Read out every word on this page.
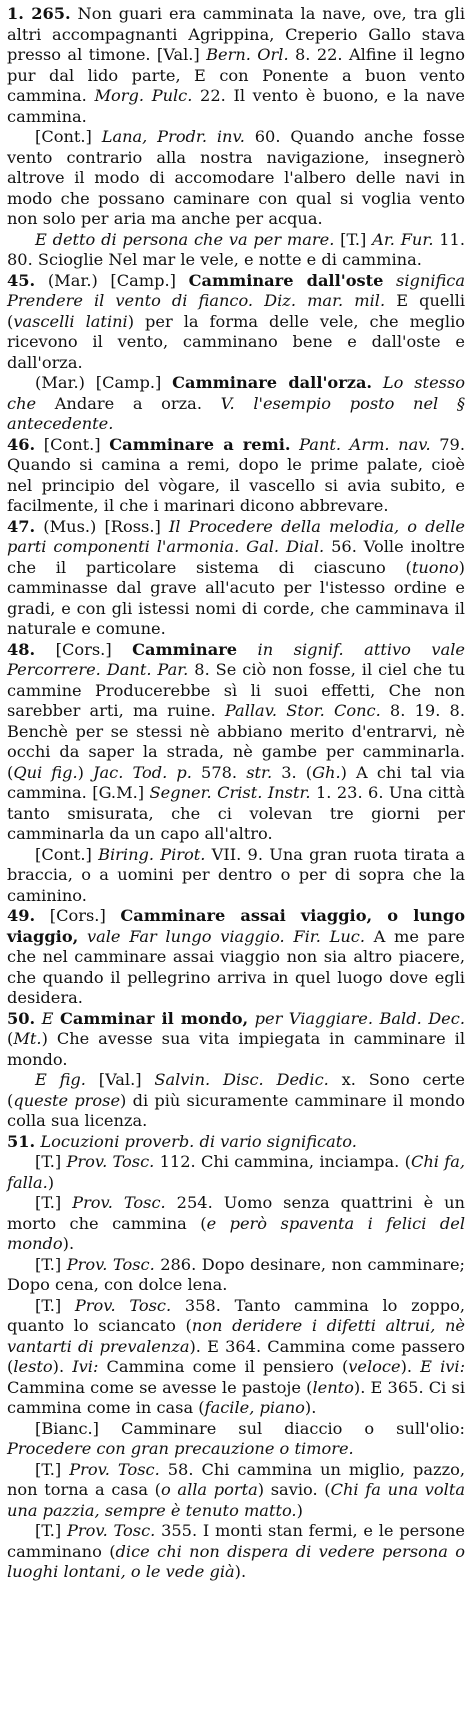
1. 265. Non guari era camminata la nave, ove, tra gli altri accompagnanti Agrippina, Creperio Gallo stava presso al timone. [Val.] Bern. Orl. 8. 22. Alfine il legno pur dal lido parte, E con Ponente a buon vento cammina. Morg. Pulc. 22. Il vento è buono, e la nave cammina.

[Cont.] Lana, Prodr. inv. 60. Quando anche fosse vento contrario alla nostra navigazione, insegnerò altrove il modo di accomodare l'albero delle navi in modo che possano caminare con qual si voglia vento non solo per aria ma anche per acqua.

E detto di persona che va per mare. [T.] Ar. Fur. 11. 80. Sciogliе Nel mar le vele, e notte e di cammina.

45. (Mar.) [Camp.] Camminare dall'oste significa Prendere il vento di fianco. Diz. mar. mil. E quelli (vascelli latini) per la forma delle vele, che meglio ricevono il vento, camminano bene e dall'oste e dall'orza.

(Mar.) [Camp.] Camminare dall'orza. Lo stesso che Andare a orza. V. l'esempio posto nel § antecedente.

46. [Cont.] Camminare a remi. Pant. Arm. nav. 79. Quando si camina a remi, dopo le prime palate, cioè nel principio del vògare, il vascello si avia subito, e facilmente, il che i marinari dicono abbrevare.

47. (Mus.) [Ross.] Il Procedere della melodia, o delle parti componenti l'armonia. Gal. Dial. 56. Volle inoltre che il particolare sistema di ciascuno (tuono) camminasse dal grave all'acuto per l'istesso ordine e gradi, e con gli istessi nomi di corde, che camminava il naturale e comune.

48. [Cors.] Camminare in signif. attivo vale Percorrere. Dant. Par. 8. Se ciò non fosse, il ciel che tu cammine Producerebbe sì li suoi effetti, Che non sarebber arti, ma ruine. Pallav. Stor. Conc. 8. 19. 8. Benchè per se stessi nè abbiano merito d'entrarvi, nè occhi da saper la strada, nè gambe per camminarla. (Qui fig.) Jac. Tod. p. 578. str. 3. (Gh.) A chi tal via cammina. [G.M.] Segner. Crist. Instr. 1. 23. 6. Una città tanto smisurata, che ci volevan tre giorni per camminarla da un capo all'altro.

[Cont.] Biring. Pirot. VII. 9. Una gran ruota tirata a braccia, o a uomini per dentro o per di sopra che la caminino.

49. [Cors.] Camminare assai viaggio, o lungo viaggio, vale Far lungo viaggio. Fir. Luc. A me pare che nel camminare assai viaggio non sia altro piacere, che quando il pellegrino arriva in quel luogo dove egli desidera.

50. E Camminar il mondo, per Viaggiare. Bald. Dec. (Mt.) Che avesse sua vita impiegata in camminare il mondo.

E fig. [Val.] Salvin. Disc. Dedic. x. Sono certe (queste prose) di più sicuramente camminare il mondo colla sua licenza.

51. Locuzioni proverb. di vario significato.

[T.] Prov. Tosc. 112. Chi cammina, inciampa. (Chi fa, falla.)

[T.] Prov. Tosc. 254. Uomo senza quattrini è un morto che cammina (e però spaventa i felici del mondo).

[T.] Prov. Tosc. 286. Dopo desinare, non camminare; Dopo cena, con dolce lena.

[T.] Prov. Tosc. 358. Tanto cammina lo zoppo, quanto lo sciancato (non deridere i difetti altrui, nè vantarti di prevalenza). E 364. Cammina come passero (lesto). Ivi: Cammina come il pensiero (veloce). E ivi: Cammina come se avesse le pastoje (lento). E 365. Ci si cammina come in casa (facile, piano).

[Bianc.] Camminare sul diaccio o sull'olio: Procedere con gran precauzione o timore.

[T.] Prov. Tosc. 58. Chi cammina un miglio, pazzo, non torna a casa (o alla porta) savio. (Chi fa una volta una pazzia, sempre è tenuto matto.)

[T.] Prov. Tosc. 355. I monti stan fermi, e le persone camminano (dice chi non dispera di vedere persona o luoghi lontani, o le vede già).
